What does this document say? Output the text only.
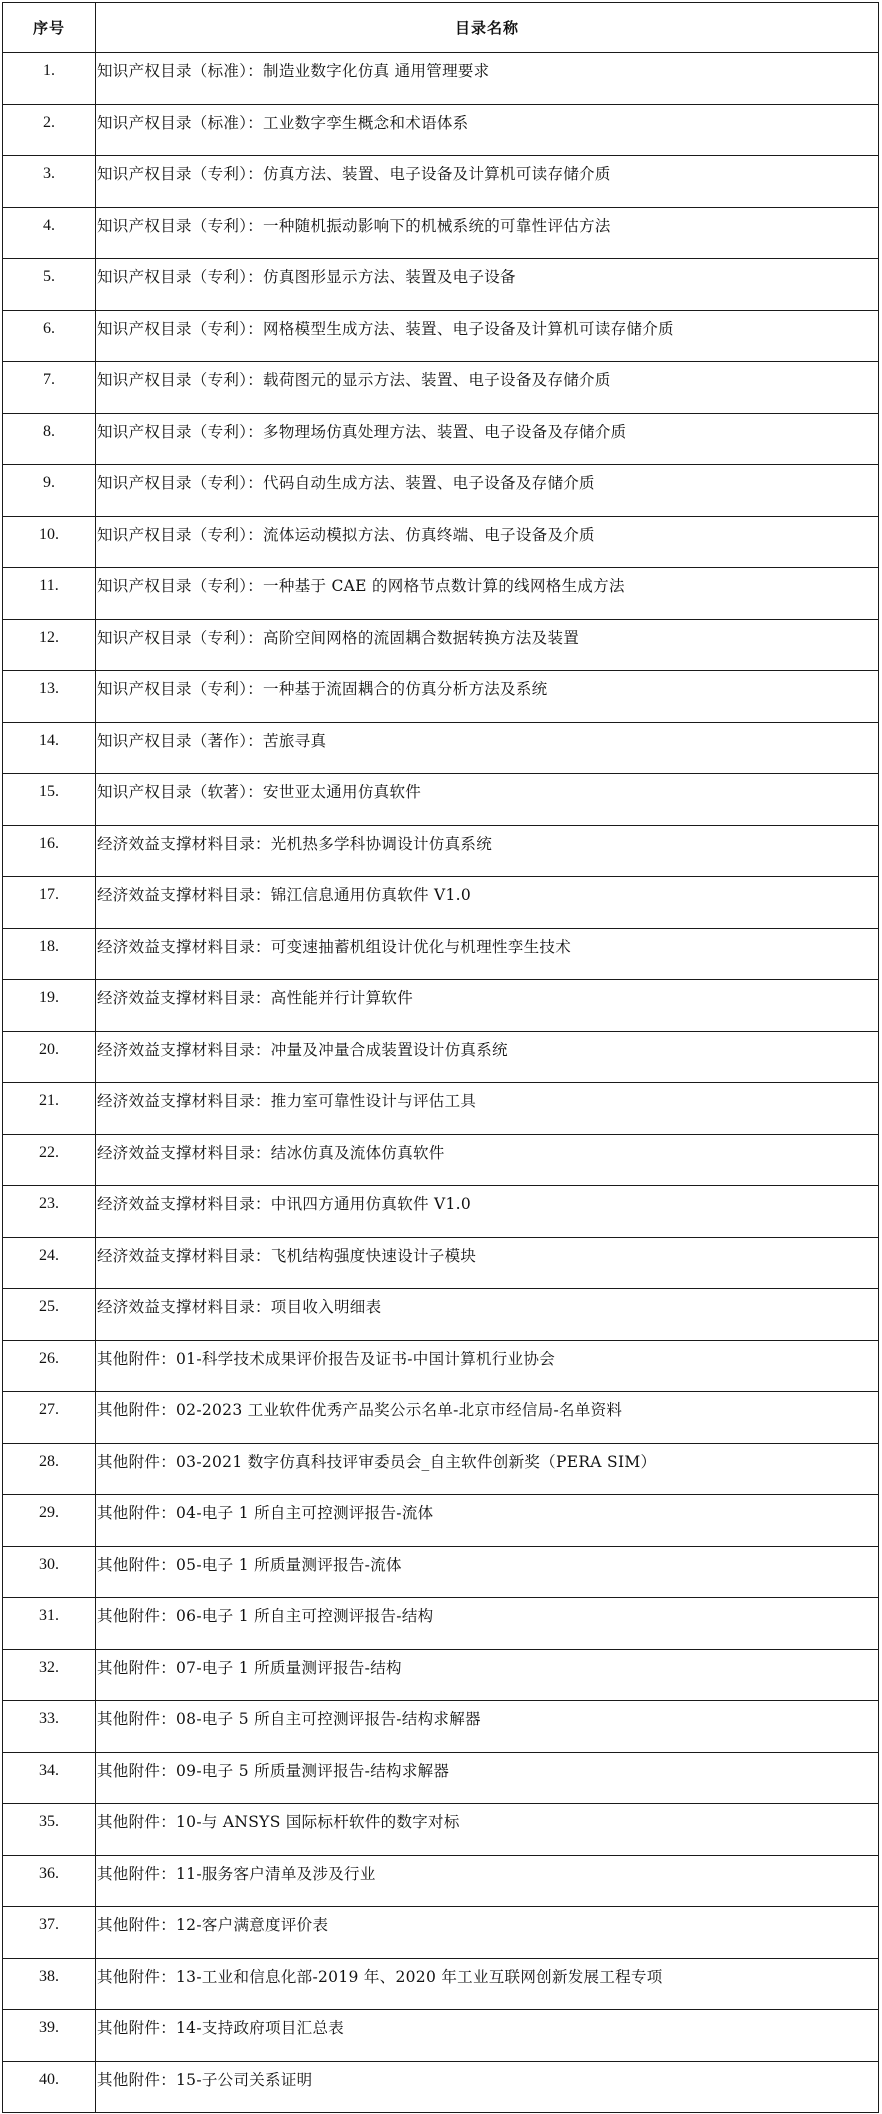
序号	目录名称
1.	知识产权目录（标准）：制造业数字化仿真 通用管理要求
2.	知识产权目录（标准）：工业数字孪生概念和术语体系
3.	知识产权目录（专利）：仿真方法、装置、电子设备及计算机可读存储介质
4.	知识产权目录（专利）：一种随机振动影响下的机械系统的可靠性评估方法
5.	知识产权目录（专利）：仿真图形显示方法、装置及电子设备
6.	知识产权目录（专利）：网格模型生成方法、装置、电子设备及计算机可读存储介质
7.	知识产权目录（专利）：载荷图元的显示方法、装置、电子设备及存储介质
8.	知识产权目录（专利）：多物理场仿真处理方法、装置、电子设备及存储介质
9.	知识产权目录（专利）：代码自动生成方法、装置、电子设备及存储介质
10.	知识产权目录（专利）：流体运动模拟方法、仿真终端、电子设备及介质
11.	知识产权目录（专利）：一种基于 CAE 的网格节点数计算的线网格生成方法
12.	知识产权目录（专利）：高阶空间网格的流固耦合数据转换方法及装置
13.	知识产权目录（专利）：一种基于流固耦合的仿真分析方法及系统
14.	知识产权目录（著作）：苦旅寻真
15.	知识产权目录（软著）：安世亚太通用仿真软件
16.	经济效益支撑材料目录：光机热多学科协调设计仿真系统
17.	经济效益支撑材料目录：锦江信息通用仿真软件 V1.0
18.	经济效益支撑材料目录：可变速抽蓄机组设计优化与机理性孪生技术
19.	经济效益支撑材料目录：高性能并行计算软件
20.	经济效益支撑材料目录：冲量及冲量合成装置设计仿真系统
21.	经济效益支撑材料目录：推力室可靠性设计与评估工具
22.	经济效益支撑材料目录：结冰仿真及流体仿真软件
23.	经济效益支撑材料目录：中讯四方通用仿真软件 V1.0
24.	经济效益支撑材料目录：飞机结构强度快速设计子模块
25.	经济效益支撑材料目录：项目收入明细表
26.	其他附件：01-科学技术成果评价报告及证书-中国计算机行业协会
27.	其他附件：02-2023 工业软件优秀产品奖公示名单-北京市经信局-名单资料
28.	其他附件：03-2021 数字仿真科技评审委员会_自主软件创新奖（PERA SIM）
29.	其他附件：04-电子 1 所自主可控测评报告-流体
30.	其他附件：05-电子 1 所质量测评报告-流体
31.	其他附件：06-电子 1 所自主可控测评报告-结构
32.	其他附件：07-电子 1 所质量测评报告-结构
33.	其他附件：08-电子 5 所自主可控测评报告-结构求解器
34.	其他附件：09-电子 5 所质量测评报告-结构求解器
35.	其他附件：10-与 ANSYS 国际标杆软件的数字对标
36.	其他附件：11-服务客户清单及涉及行业
37.	其他附件：12-客户满意度评价表
38.	其他附件：13-工业和信息化部-2019 年、2020 年工业互联网创新发展工程专项
39.	其他附件：14-支持政府项目汇总表
40.	其他附件：15-子公司关系证明
